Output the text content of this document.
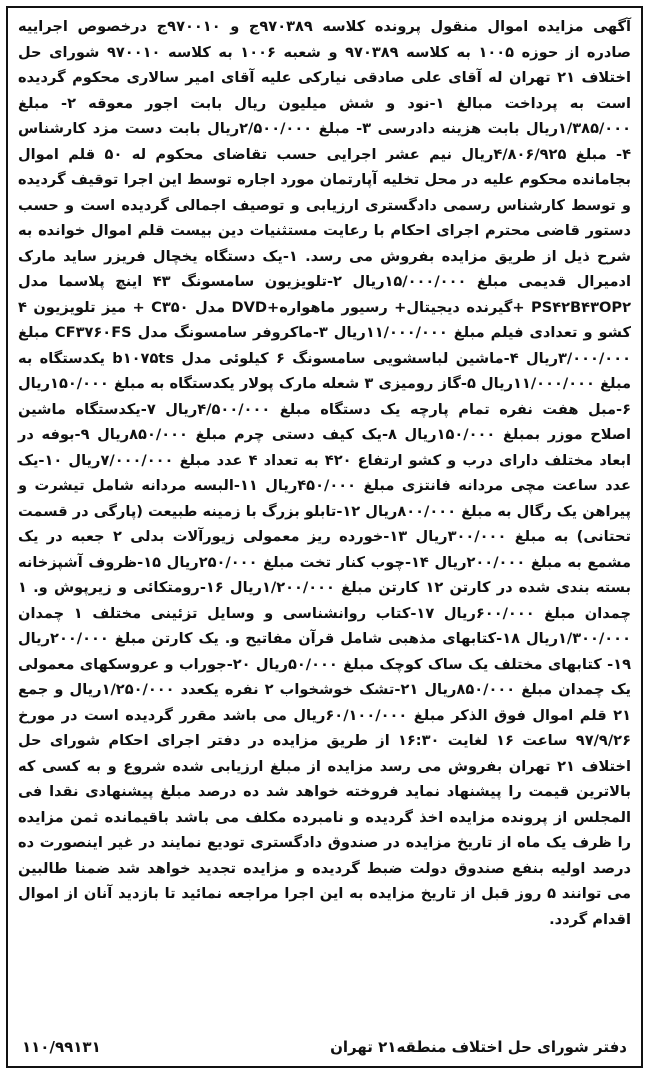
آگهی مزایده اموال منقول پرونده کلاسه ۹۷۰۳۸۹ج و ۹۷۰۰۱۰ج درخصوص اجراییه صادره از حوزه ۱۰۰۵ به کلاسه ۹۷۰۳۸۹ و شعبه ۱۰۰۶ به کلاسه ۹۷۰۰۱۰ شورای حل اختلاف ۲۱ تهران له آقای علی صادقی نیارکی علیه آقای امیر سالاری محکوم گردیده است به پرداخت مبالغ ۱-نود و شش میلیون ریال بابت اجور معوقه ۲- مبلغ ۱/۳۸۵/۰۰۰ریال بابت هزینه دادرسی ۳- مبلغ ۲/۵۰۰/۰۰۰ریال بابت دست مزد کارشناس ۴- مبلغ ۴/۸۰۶/۹۲۵ریال نیم عشر اجرایی حسب تقاضای محکوم له ۵۰ قلم اموال بجامانده محکوم علیه در محل تخلیه آپارتمان مورد اجاره توسط این اجرا توقیف گردیده و توسط کارشناس رسمی دادگستری ارزیابی و توصیف اجمالی گردیده است و حسب دستور قاضی محترم اجرای احکام با رعایت مستثنیات دین بیست قلم اموال خوانده به شرح ذیل از طریق مزایده بفروش می رسد. ۱-یک دستگاه یخچال فریزر ساید مارک ادمیرال قدیمی مبلغ ۱۵/۰۰۰/۰۰۰ریال ۲-تلویزیون سامسونگ ۴۳ اینچ پلاسما مدل PS۴۲B۴۳OP۲ +گیرنده دیجیتال+ رسیور ماهواره+DVD مدل C۳۵۰ + میز تلویزیون ۴ کشو و تعدادی فیلم مبلغ ۱۱/۰۰۰/۰۰۰ریال ۳-ماکروفر سامسونگ مدل CF۳۷۶۰FS مبلغ ۳/۰۰۰/۰۰۰ریال ۴-ماشین لباسشویی سامسونگ ۶ کیلوئی مدل b۱۰۷۵ts یکدستگاه به مبلغ ۱۱/۰۰۰/۰۰۰ریال ۵-گاز رومیزی ۳ شعله مارک پولار یکدستگاه به مبلغ ۱۵۰/۰۰۰ریال ۶-مبل هفت نفره تمام پارچه یک دستگاه مبلغ ۴/۵۰۰/۰۰۰ریال ۷-یکدستگاه ماشین اصلاح موزر بمبلغ ۱۵۰/۰۰۰ریال ۸-یک کیف دستی چرم مبلغ ۸۵۰/۰۰۰ریال ۹-بوفه در ابعاد مختلف دارای درب و کشو ارتفاع ۴۲۰ به تعداد ۴ عدد مبلغ ۷/۰۰۰/۰۰۰ریال ۱۰-یک عدد ساعت مچی مردانه فانتزی مبلغ ۴۵۰/۰۰۰ریال ۱۱-البسه مردانه شامل تیشرت و پیراهن یک رگال به مبلغ ۸۰۰/۰۰۰ریال ۱۲-تابلو بزرگ با زمینه طبیعت (پارگی در قسمت تحتانی) به مبلغ ۳۰۰/۰۰۰ریال ۱۳-خورده ریز معمولی زیورآلات بدلی ۲ جعبه در یک مشمع به مبلغ ۲۰۰/۰۰۰ریال ۱۴-چوب کنار تخت مبلغ ۲۵۰/۰۰۰ریال ۱۵-ظروف آشپزخانه بسته بندی شده در کارتن ۱۲ کارتن مبلغ ۱/۲۰۰/۰۰۰ریال ۱۶-رومتکائی و زیرپوش و. ۱ چمدان مبلغ ۶۰۰/۰۰۰ریال ۱۷-کتاب روانشناسی و وسایل تزئینی مختلف ۱ چمدان ۱/۳۰۰/۰۰۰ریال ۱۸-کتابهای مذهبی شامل قرآن مفاتیح و. یک کارتن مبلغ ۲۰۰/۰۰۰ریال ۱۹- کتابهای مختلف یک ساک کوچک مبلغ ۵۰/۰۰۰ریال ۲۰-جوراب و عروسکهای معمولی یک چمدان مبلغ ۸۵۰/۰۰۰ریال ۲۱-تشک خوشخواب ۲ نفره یکعدد ۱/۲۵۰/۰۰۰ریال و جمع ۲۱ قلم اموال فوق الذکر مبلغ ۶۰/۱۰۰/۰۰۰ریال می باشد مقرر گردیده است در مورخ ۹۷/۹/۲۶ ساعت ۱۶ لغایت ۱۶:۳۰ از طریق مزایده در دفتر اجرای احکام شورای حل اختلاف ۲۱ تهران بفروش می رسد مزایده از مبلغ ارزیابی شده شروع و به کسی که بالاترین قیمت را پیشنهاد نماید فروخته خواهد شد ده درصد مبلغ پیشنهادی نقدا فی المجلس از پرونده مزایده اخذ گردیده و نامبرده مکلف می باشد باقیمانده ثمن مزایده را ظرف یک ماه از تاریخ مزایده در صندوق دادگستری تودیع نمایند در غیر اینصورت ده درصد اولیه بنفع صندوق دولت ضبط گردیده و مزایده تجدید خواهد شد ضمنا طالبین می توانند ۵ روز قبل از تاریخ مزایده به این اجرا مراجعه نمائید تا بازدید آنان از اموال اقدام گردد.

دفتر شورای حل اختلاف منطقه۲۱ تهران
۱۱۰/۹۹۱۳۱
